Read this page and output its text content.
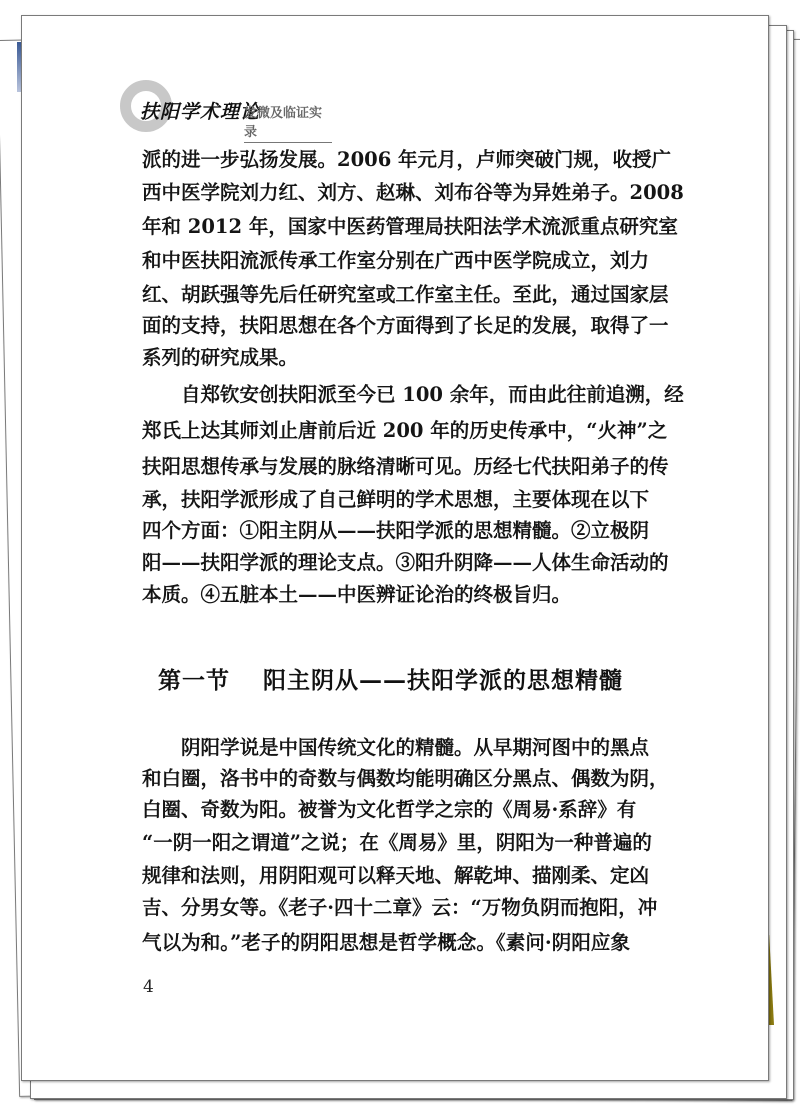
扶阳学术理论
发微及临证实录
派的进一步弘扬发展。2006 年元月，卢师突破门规，收授广
西中医学院刘力红、刘方、赵琳、刘布谷等为异姓弟子。2008
年和 2012 年，国家中医药管理局扶阳法学术流派重点研究室
和中医扶阳流派传承工作室分别在广西中医学院成立，刘力
红、胡跃强等先后任研究室或工作室主任。至此，通过国家层
面的支持，扶阳思想在各个方面得到了长足的发展，取得了一
系列的研究成果。
　　自郑钦安创扶阳派至今已 100 余年，而由此往前追溯，经
郑氏上达其师刘止唐前后近 200 年的历史传承中，“火神”之
扶阳思想传承与发展的脉络清晰可见。历经七代扶阳弟子的传
承，扶阳学派形成了自己鲜明的学术思想，主要体现在以下
四个方面：①阳主阴从——扶阳学派的思想精髓。②立极阴
阳——扶阳学派的理论支点。③阳升阴降——人体生命活动的
本质。④五脏本土——中医辨证论治的终极旨归。
　　阴阳学说是中国传统文化的精髓。从早期河图中的黑点
和白圈，洛书中的奇数与偶数均能明确区分黑点、偶数为阴，
白圈、奇数为阳。被誉为文化哲学之宗的《周易·系辞》有
“一阴一阳之谓道”之说；在《周易》里，阴阳为一种普遍的
规律和法则，用阴阳观可以释天地、解乾坤、描刚柔、定凶
吉、分男女等。《老子·四十二章》云：“万物负阴而抱阳，冲
气以为和。”老子的阴阳思想是哲学概念。《素问·阴阳应象
第一节　 阳主阴从——扶阳学派的思想精髓
4
